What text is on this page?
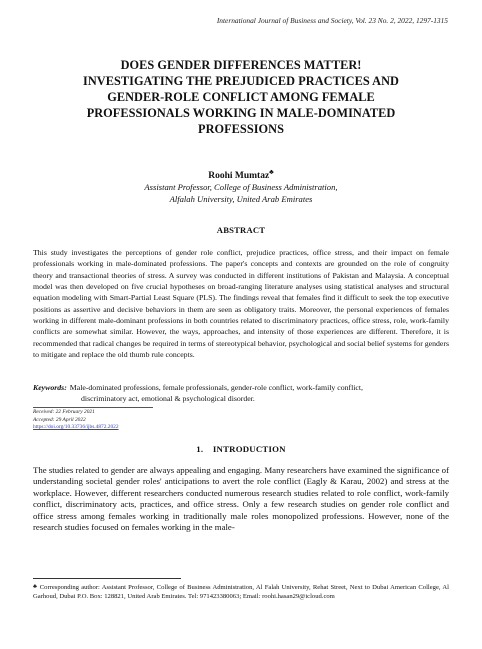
International Journal of Business and Society, Vol. 23 No. 2, 2022, 1297-1315
DOES GENDER DIFFERENCES MATTER!
INVESTIGATING THE PREJUDICED PRACTICES AND
GENDER-ROLE CONFLICT AMONG FEMALE
PROFESSIONALS WORKING IN MALE-DOMINATED
PROFESSIONS
Roohi Mumtaz♣
Assistant Professor, College of Business Administration,
Alfalah University, United Arab Emirates
ABSTRACT

This study investigates the perceptions of gender role conflict, prejudice practices, office stress, and their impact on female professionals working in male-dominated professions. The paper's concepts and contexts are grounded on the role of congruity theory and transactional theories of stress. A survey was conducted in different institutions of Pakistan and Malaysia. A conceptual model was then developed on five crucial hypotheses on broad-ranging literature analyses using statistical analyses and structural equation modeling with Smart-Partial Least Square (PLS). The findings reveal that females find it difficult to seek the top executive positions as assertive and decisive behaviors in them are seen as obligatory traits. Moreover, the personal experiences of females working in different male-dominant professions in both countries related to discriminatory practices, office stress, role, work-family conflicts are somewhat similar. However, the ways, approaches, and intensity of those experiences are different. Therefore, it is recommended that radical changes be required in terms of stereotypical behavior, psychological and social belief systems for genders to mitigate and replace the old thumb rule concepts.

Keywords: Male-dominated professions, female professionals, gender-role conflict, work-family conflict,
discriminatory act, emotional & psychological disorder.
Received: 22 February 2021
Accepted: 29 April 2022
https://doi.org/10.33736/ijbs.4872.2022
1.    INTRODUCTION

The studies related to gender are always appealing and engaging. Many researchers have examined the significance of understanding societal gender roles' anticipations to avert the role conflict (Eagly & Karau, 2002) and stress at the workplace. However, different researchers conducted numerous research studies related to role conflict, work-family conflict, discriminatory acts, practices, and office stress. Only a few research studies on gender role conflict and office stress among females working in traditionally male roles monopolized professions. However, none of the research studies focused on females working in the male-

♣ Corresponding author: Assistant Professor, College of Business Administration, Al Falah University, Rehat Street, Next to Dubai American College, Al Garhoud, Dubai P.O. Box: 128821, United Arab Emirates. Tel: 971423380063; Email: roohi.hasan29@icloud.com
